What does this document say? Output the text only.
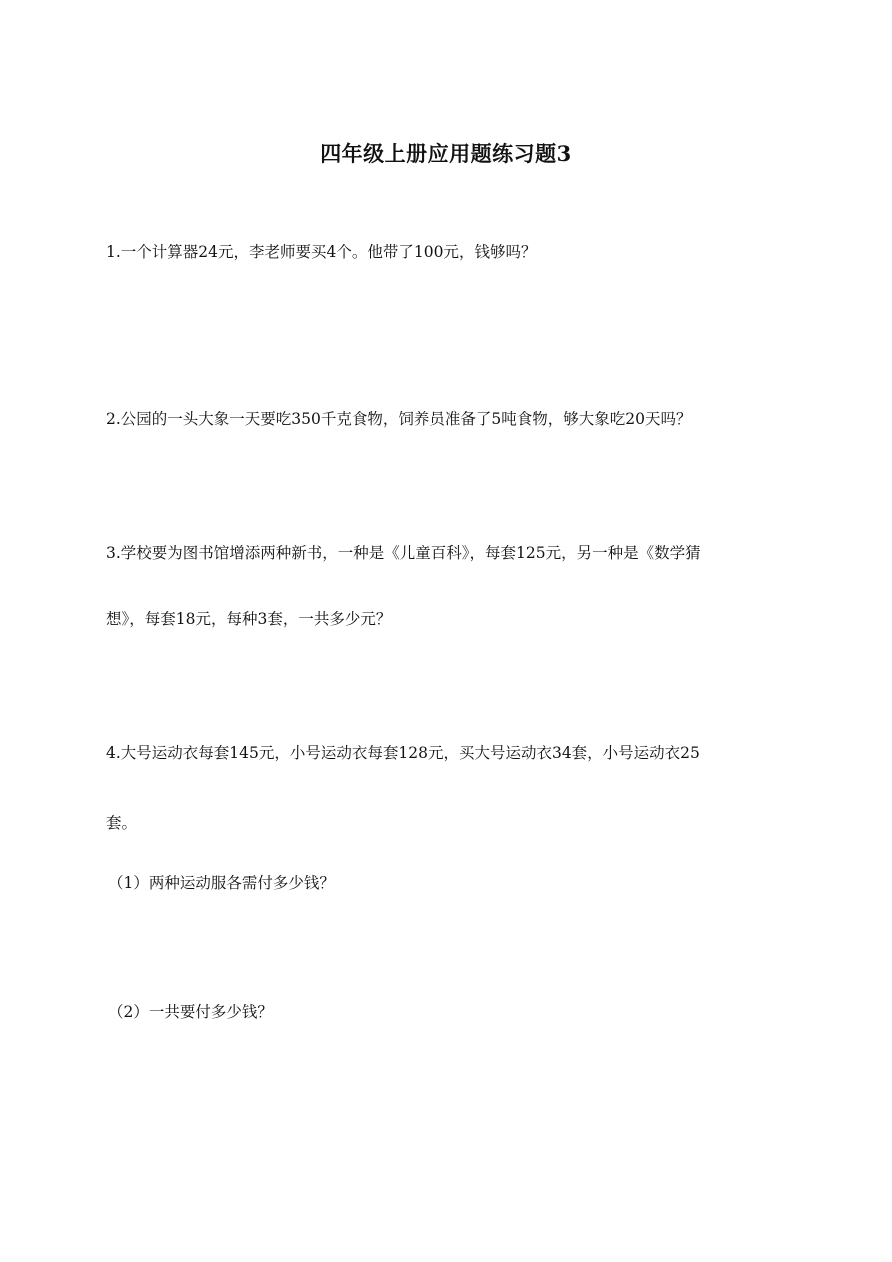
四年级上册应用题练习题3
1.一个计算器24元，李老师要买4个。他带了100元，钱够吗？
2.公园的一头大象一天要吃350千克食物，饲养员准备了5吨食物，够大象吃20天吗？
3.学校要为图书馆增添两种新书，一种是《儿童百科》，每套125元，另一种是《数学猜
想》，每套18元，每种3套，一共多少元？
4.大号运动衣每套145元，小号运动衣每套128元，买大号运动衣34套，小号运动衣25
套。
（1）两种运动服各需付多少钱？
（2）一共要付多少钱？
